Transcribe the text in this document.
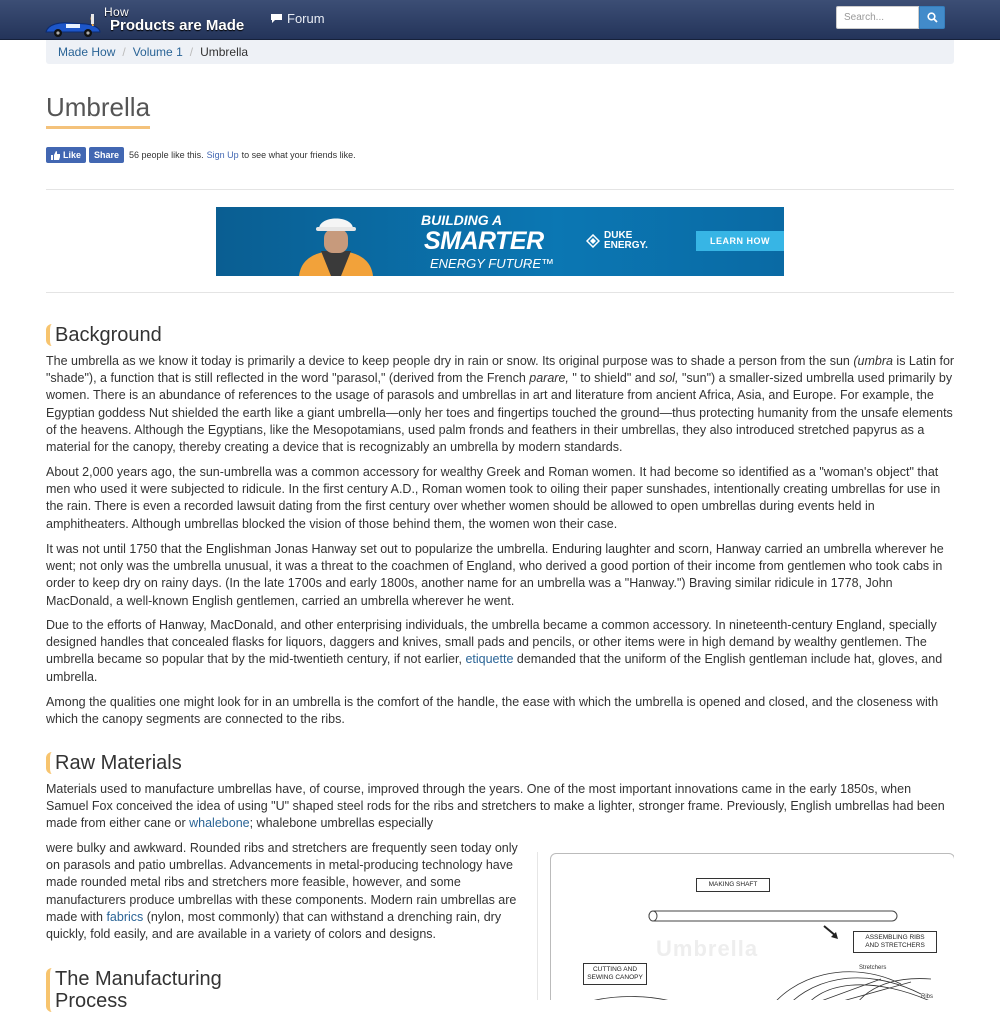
How
Products are Made	Forum
Search...
Made How / Volume 1 / Umbrella
Umbrella
Like Share 56 people like this. Sign Up to see what your friends like.
BUILDING A
SMARTER
ENERGY FUTURE™
DUKE
ENERGY.	LEARN HOW
Background

The umbrella as we know it today is primarily a device to keep people dry in rain or snow. Its original purpose was to shade a person from the sun (umbra is Latin for "shade"), a function that is still reflected in the word "parasol," (derived from the French parare, " to shield" and sol, "sun") a smaller-sized umbrella used primarily by women. There is an abundance of references to the usage of parasols and umbrellas in art and literature from ancient Africa, Asia, and Europe. For example, the Egyptian goddess Nut shielded the earth like a giant umbrella—only her toes and fingertips touched the ground—thus protecting humanity from the unsafe elements of the heavens. Although the Egyptians, like the Mesopotamians, used palm fronds and feathers in their umbrellas, they also introduced stretched papyrus as a material for the canopy, thereby creating a device that is recognizably an umbrella by modern standards.

About 2,000 years ago, the sun-umbrella was a common accessory for wealthy Greek and Roman women. It had become so identified as a "woman's object" that men who used it were subjected to ridicule. In the first century A.D., Roman women took to oiling their paper sunshades, intentionally creating umbrellas for use in the rain. There is even a recorded lawsuit dating from the first century over whether women should be allowed to open umbrellas during events held in amphitheaters. Although umbrellas blocked the vision of those behind them, the women won their case.

It was not until 1750 that the Englishman Jonas Hanway set out to popularize the umbrella. Enduring laughter and scorn, Hanway carried an umbrella wherever he went; not only was the umbrella unusual, it was a threat to the coachmen of England, who derived a good portion of their income from gentlemen who took cabs in order to keep dry on rainy days. (In the late 1700s and early 1800s, another name for an umbrella was a "Hanway.") Braving similar ridicule in 1778, John MacDonald, a well-known English gentlemen, carried an umbrella wherever he went.

Due to the efforts of Hanway, MacDonald, and other enterprising individuals, the umbrella became a common accessory. In nineteenth-century England, specially designed handles that concealed flasks for liquors, daggers and knives, small pads and pencils, or other items were in high demand by wealthy gentlemen. The umbrella became so popular that by the mid-twentieth century, if not earlier, etiquette demanded that the uniform of the English gentleman include hat, gloves, and umbrella.

Among the qualities one might look for in an umbrella is the comfort of the handle, the ease with which the umbrella is opened and closed, and the closeness with which the canopy segments are connected to the ribs.

Raw Materials

Materials used to manufacture umbrellas have, of course, improved through the years. One of the most important innovations came in the early 1850s, when Samuel Fox conceived the idea of using "U" shaped steel rods for the ribs and stretchers to make a lighter, stronger frame. Previously, English umbrellas had been made from either cane or whalebone; whalebone umbrellas especially

were bulky and awkward. Rounded ribs and stretchers are frequently seen today only on parasols and patio umbrellas. Advancements in metal-producing technology have made rounded metal ribs and stretchers more feasible, however, and some manufacturers produce umbrellas with these components. Modern rain umbrellas are made with fabrics (nylon, most commonly) that can withstand a drenching rain, dry quickly, fold easily, and are available in a variety of colors and designs.

The Manufacturing Process
Umbrella
MAKING SHAFT
ASSEMBLING RIBS
AND STRETCHERS
CUTTING AND
SEWING CANOPY
Stretchers
Ribs
